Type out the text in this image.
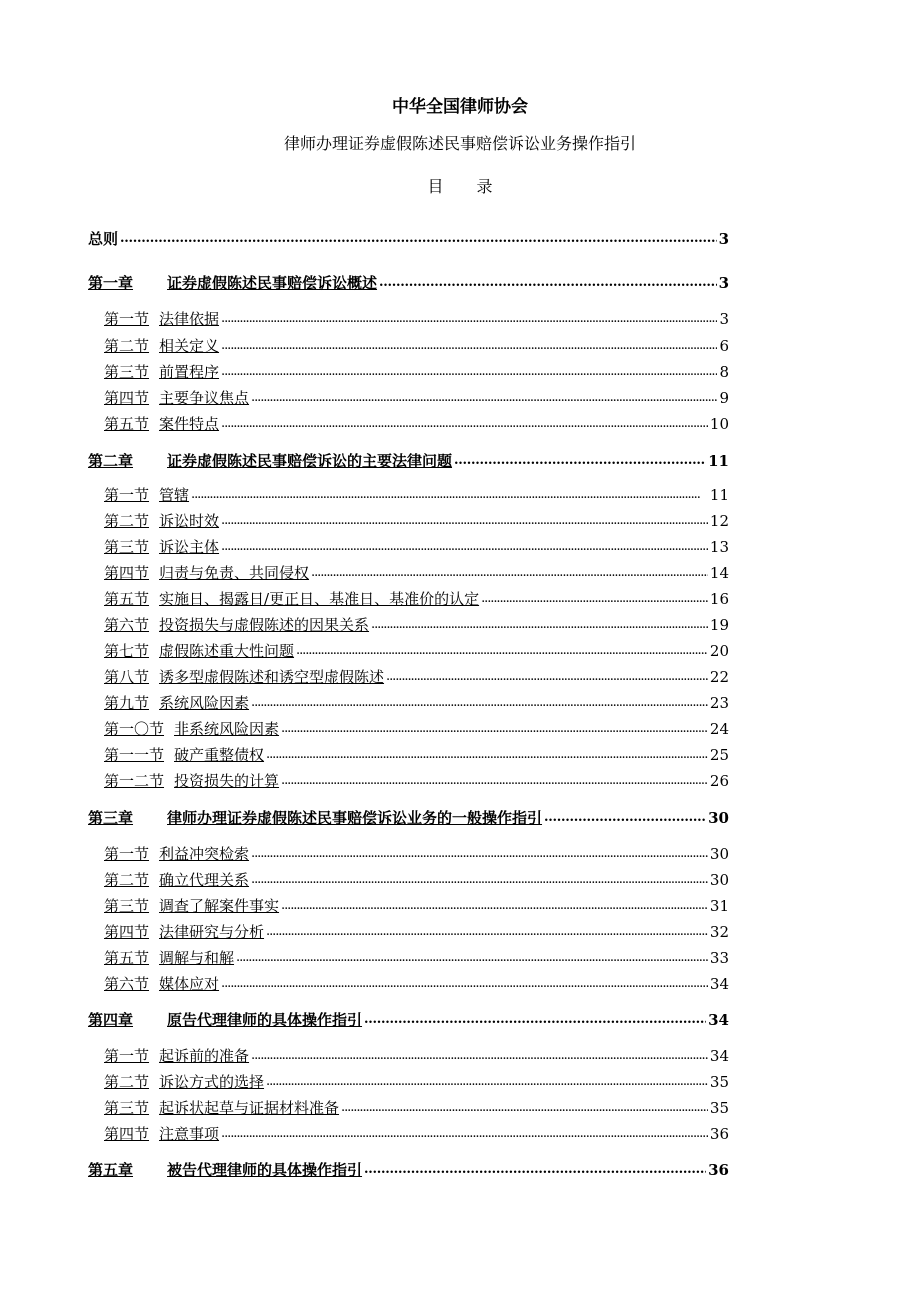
中华全国律师协会
律师办理证券虚假陈述民事赔偿诉讼业务操作指引
目 录
总则 . . .	3
第一章 证券虚假陈述民事赔偿诉讼概述 . . .	3
第一节 法律依据 . . .	3
第二节 相关定义 . . .	6
第三节 前置程序 . . .	8
第四节 主要争议焦点 . . .	9
第五节 案件特点 . . .	10
第二章 证券虚假陈述民事赔偿诉讼的主要法律问题 . . .	11
第一节 管辖 . . .	11
第二节 诉讼时效 . . .	12
第三节 诉讼主体 . . .	13
第四节 归责与免责、共同侵权 . . .	14
第五节 实施日、揭露日/更正日、基准日、基准价的认定 . . .	16
第六节 投资损失与虚假陈述的因果关系 . . .	19
第七节 虚假陈述重大性问题 . . .	20
第八节 诱多型虚假陈述和诱空型虚假陈述 . . .	22
第九节 系统风险因素 . . .	23
第一〇节 非系统风险因素 . . .	24
第一一节 破产重整债权 . . .	25
第一二节 投资损失的计算 . . .	26
第三章 律师办理证券虚假陈述民事赔偿诉讼业务的一般操作指引 . . .	30
第一节 利益冲突检索 . . .	30
第二节 确立代理关系 . . .	30
第三节 调查了解案件事实 . . .	31
第四节 法律研究与分析 . . .	32
第五节 调解与和解 . . .	33
第六节 媒体应对 . . .	34
第四章 原告代理律师的具体操作指引 . . .	34
第一节 起诉前的准备 . . .	34
第二节 诉讼方式的选择 . . .	35
第三节 起诉状起草与证据材料准备 . . .	35
第四节 注意事项 . . .	36
第五章 被告代理律师的具体操作指引 . . .	36
